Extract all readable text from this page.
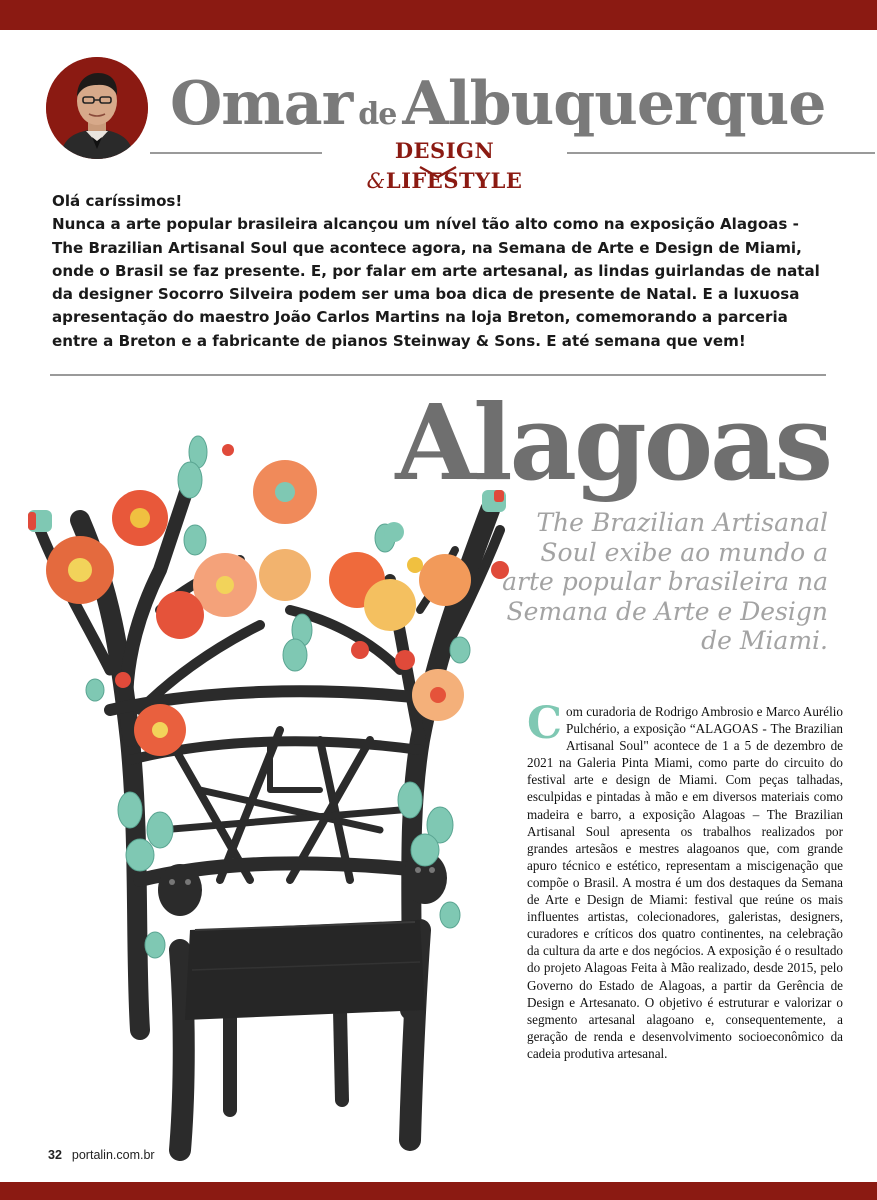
Omar de Albuquerque
DESIGN &LIFESTYLE

Olá caríssimos!

Nunca a arte popular brasileira alcançou um nível tão alto como na exposição Alagoas - The Brazilian Artisanal Soul que acontece agora, na Semana de Arte e Design de Miami, onde o Brasil se faz presente. E, por falar em arte artesanal, as lindas guirlandas de natal da designer Socorro Silveira podem ser uma boa dica de presente de Natal. E a luxuosa apresentação do maestro João Carlos Martins na loja Breton, comemorando a parceria entre a Breton e a fabricante de pianos Steinway & Sons. E até semana que vem!

Alagoas
The Brazilian Artisanal Soul exibe ao mundo a arte popular brasileira na Semana de Arte e Design de Miami.
Com curadoria de Rodrigo Ambrosio e Marco Aurélio Pulchério, a exposição “ALAGOAS - The Brazilian Artisanal Soul" acontece de 1 a 5 de dezembro de 2021 na Galeria Pinta Miami, como parte do circuito do festival arte e design de Miami. Com peças talhadas, esculpidas e pintadas à mão e em diversos materiais como madeira e barro, a exposição Alagoas – The Brazilian Artisanal Soul apresenta os trabalhos realizados por grandes artesãos e mestres alagoanos que, com grande apuro técnico e estético, representam a miscigenação que compõe o Brasil. A mostra é um dos destaques da Semana de Arte e Design de Miami: festival que reúne os mais influentes artistas, colecionadores, galeristas, designers, curadores e críticos dos quatro continentes, na celebração da cultura da arte e dos negócios. A exposição é o resultado do projeto Alagoas Feita à Mão realizado, desde 2015, pelo Governo do Estado de Alagoas, a partir da Gerência de Design e Artesanato. O objetivo é estruturar e valorizar o segmento artesanal alagoano e, consequentemente, a geração de renda e desenvolvimento socioeconômico da cadeia produtiva artesanal.
32 portalin.com.br
